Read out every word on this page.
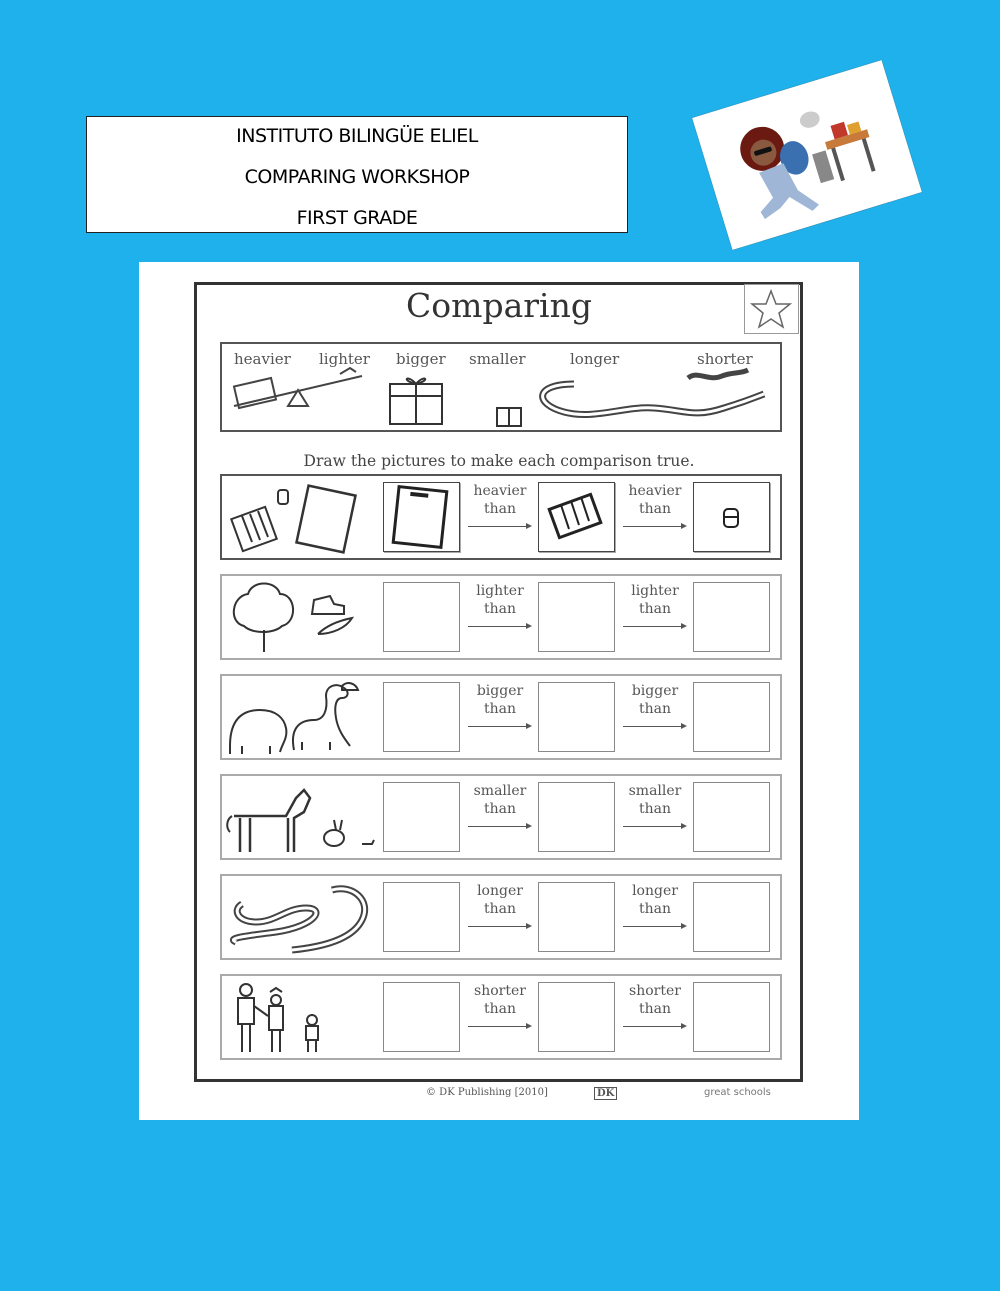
INSTITUTO BILINGÜE ELIEL
COMPARING WORKSHOP
FIRST GRADE
Comparing
heavier lighter bigger smaller	longer	shorter
Draw the pictures to make each comparison true.
heavier
than
heavier
than
lighter
than
lighter
than
bigger
than
bigger
than
smaller
than
smaller
than
longer
than
longer
than
shorter
than
shorter
than
© DK Publishing [2010]	DK	great schools
